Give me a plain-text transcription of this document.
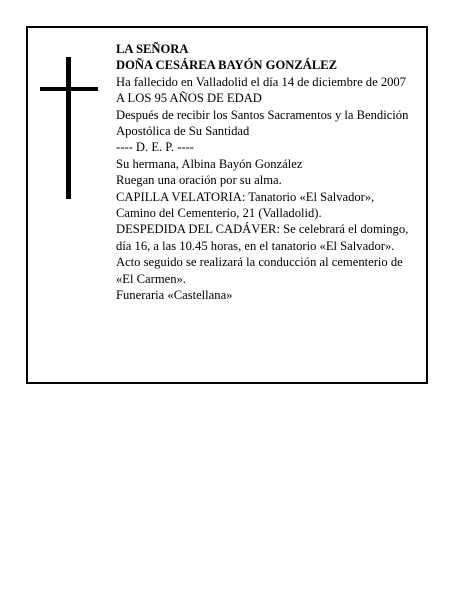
LA SEÑORA

DOÑA CESÁREA BAYÓN GONZÁLEZ

Ha fallecido en Valladolid el día 14 de diciembre de 2007

A LOS 95 AÑOS DE EDAD

Después de recibir los Santos Sacramentos y la Bendición Apostólica de Su Santidad

---- D. E. P. ----

Su hermana, Albina Bayón González

Ruegan una oración por su alma.

CAPILLA VELATORIA: Tanatorio «El Salvador», Camino del Cementerio, 21 (Valladolid).

DESPEDIDA DEL CADÁVER: Se celebrará el domingo, día 16, a las 10.45 horas, en el tanatorio «El Salvador». Acto seguido se realizará la conducción al cementerio de «El Carmen».

Funeraria «Castellana»
